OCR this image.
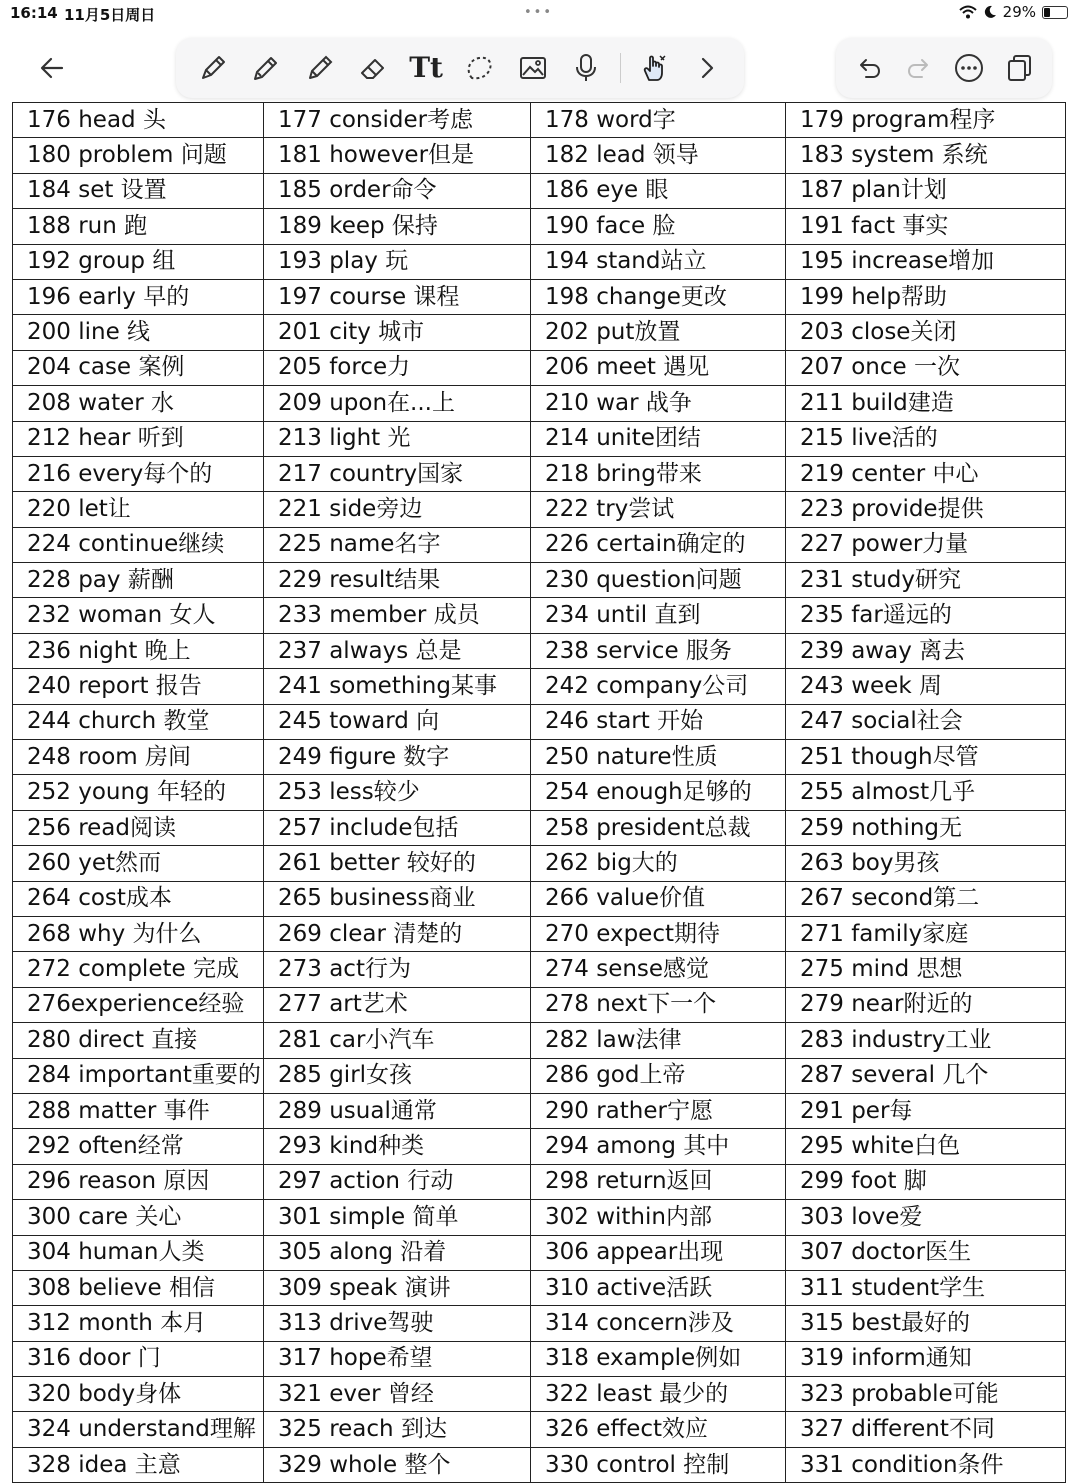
16:14 11月5日周日	•••	29%
Tt
176 head 头	177 consider考虑	178 word字	179 program程序
180 problem 问题	181 however但是	182 lead 领导	183 system 系统
184 set 设置	185 order命令	186 eye 眼	187 plan计划
188 run 跑	189 keep 保持	190 face 脸	191 fact 事实
192 group 组	193 play 玩	194 stand站立	195 increase增加
196 early 早的	197 course 课程	198 change更改	199 help帮助
200 line 线	201 city 城市	202 put放置	203 close关闭
204 case 案例	205 force力	206 meet 遇见	207 once 一次
208 water 水	209 upon在...上	210 war 战争	211 build建造
212 hear 听到	213 light 光	214 unite团结	215 live活的
216 every每个的	217 country国家	218 bring带来	219 center 中心
220 let让	221 side旁边	222 try尝试	223 provide提供
224 continue继续	225 name名字	226 certain确定的	227 power力量
228 pay 薪酬	229 result结果	230 question问题	231 study研究
232 woman 女人	233 member 成员	234 until 直到	235 far遥远的
236 night 晚上	237 always 总是	238 service 服务	239 away 离去
240 report 报告	241 something某事	242 company公司	243 week 周
244 church 教堂	245 toward 向	246 start 开始	247 social社会
248 room 房间	249 figure 数字	250 nature性质	251 though尽管
252 young 年轻的	253 less较少	254 enough足够的	255 almost几乎
256 read阅读	257 include包括	258 president总裁	259 nothing无
260 yet然而	261 better 较好的	262 big大的	263 boy男孩
264 cost成本	265 business商业	266 value价值	267 second第二
268 why 为什么	269 clear 清楚的	270 expect期待	271 family家庭
272 complete 完成	273 act行为	274 sense感觉	275 mind 思想
276experience经验	277 art艺术	278 next下一个	279 near附近的
280 direct 直接	281 car小汽车	282 law法律	283 industry工业
284 important重要的	285 girl女孩	286 god上帝	287 several 几个
288 matter 事件	289 usual通常	290 rather宁愿	291 per每
292 often经常	293 kind种类	294 among 其中	295 white白色
296 reason 原因	297 action 行动	298 return返回	299 foot 脚
300 care 关心	301 simple 简单	302 within内部	303 love爱
304 human人类	305 along 沿着	306 appear出现	307 doctor医生
308 believe 相信	309 speak 演讲	310 active活跃	311 student学生
312 month 本月	313 drive驾驶	314 concern涉及	315 best最好的
316 door 门	317 hope希望	318 example例如	319 inform通知
320 body身体	321 ever 曾经	322 least 最少的	323 probable可能
324 understand理解	325 reach 到达	326 effect效应	327 different不同
328 idea 主意	329 whole 整个	330 control 控制	331 condition条件
